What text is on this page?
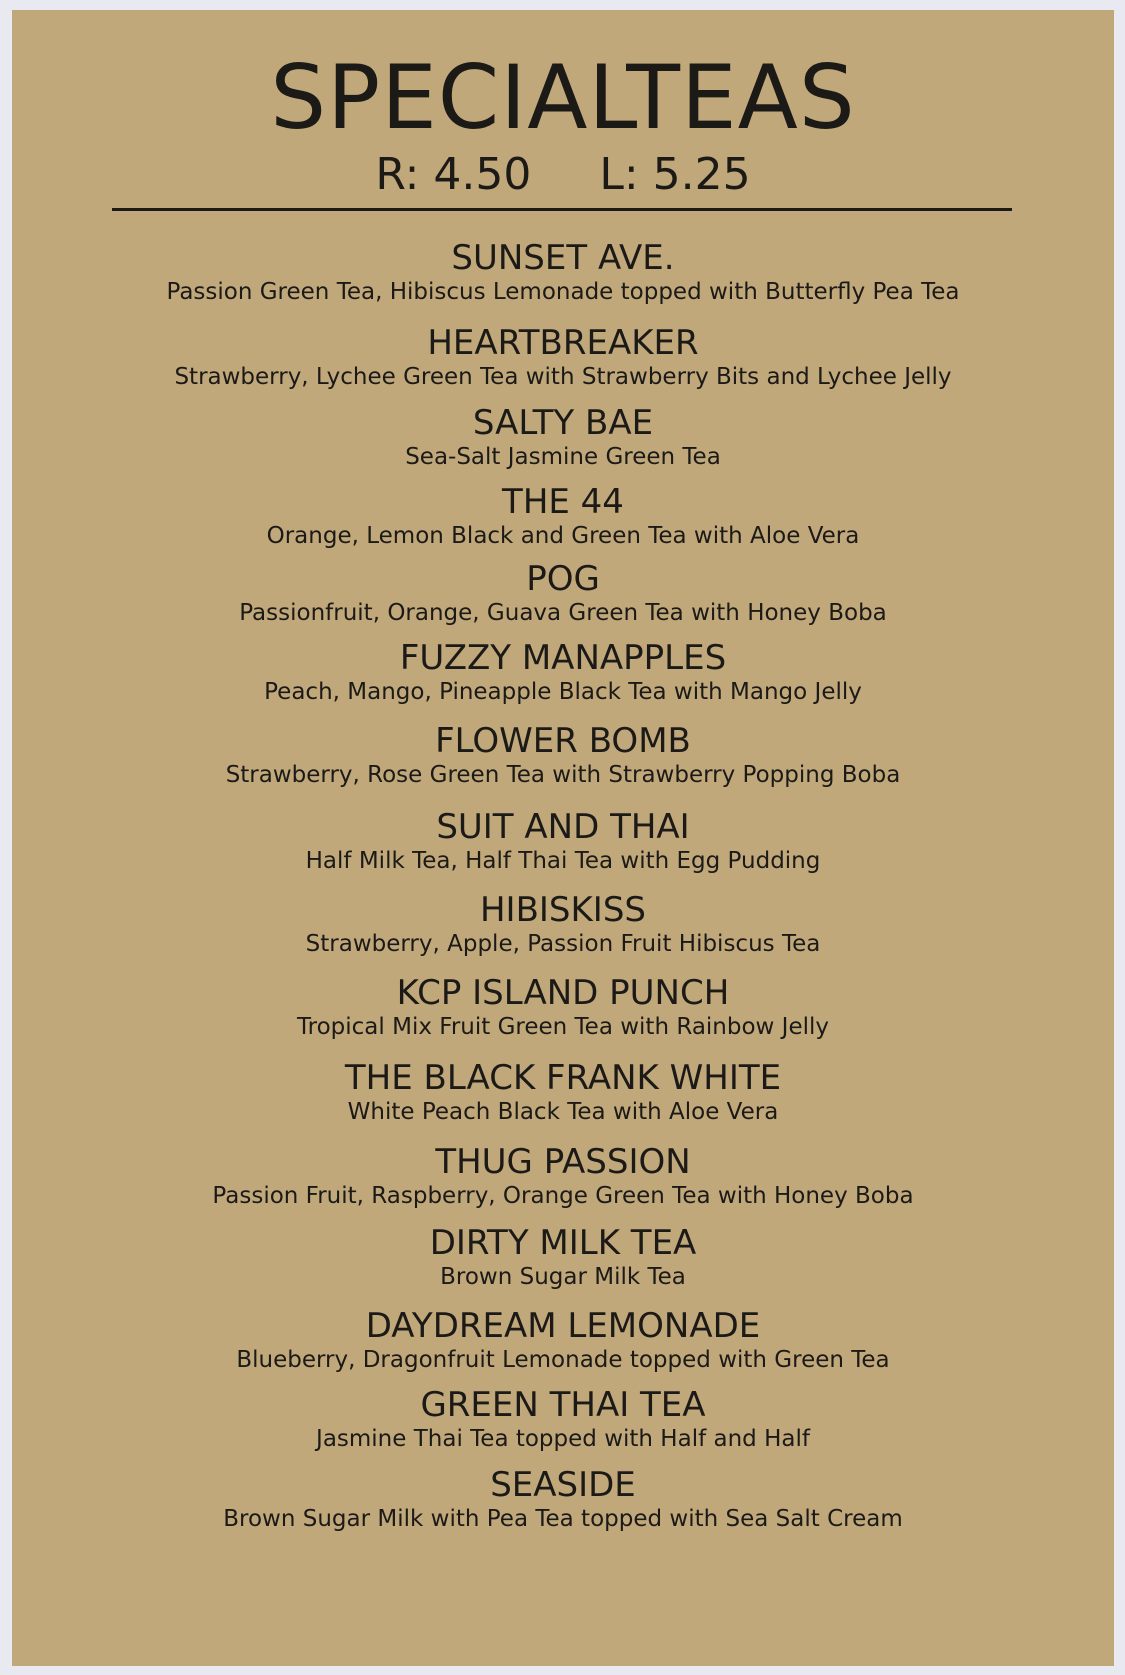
SPECIALTEAS
R: 4.50 L: 5.25
SUNSET AVE.
Passion Green Tea, Hibiscus Lemonade topped with Butterfly Pea Tea
HEARTBREAKER
Strawberry, Lychee Green Tea with Strawberry Bits and Lychee Jelly
SALTY BAE
Sea-Salt Jasmine Green Tea
THE 44
Orange, Lemon Black and Green Tea with Aloe Vera
POG
Passionfruit, Orange, Guava Green Tea with Honey Boba
FUZZY MANAPPLES
Peach, Mango, Pineapple Black Tea with Mango Jelly
FLOWER BOMB
Strawberry, Rose Green Tea with Strawberry Popping Boba
SUIT AND THAI
Half Milk Tea, Half Thai Tea with Egg Pudding
HIBISKISS
Strawberry, Apple, Passion Fruit Hibiscus Tea
KCP ISLAND PUNCH
Tropical Mix Fruit Green Tea with Rainbow Jelly
THE BLACK FRANK WHITE
White Peach Black Tea with Aloe Vera
THUG PASSION
Passion Fruit, Raspberry, Orange Green Tea with Honey Boba
DIRTY MILK TEA
Brown Sugar Milk Tea
DAYDREAM LEMONADE
Blueberry, Dragonfruit Lemonade topped with Green Tea
GREEN THAI TEA
Jasmine Thai Tea topped with Half and Half
SEASIDE
Brown Sugar Milk with Pea Tea topped with Sea Salt Cream
